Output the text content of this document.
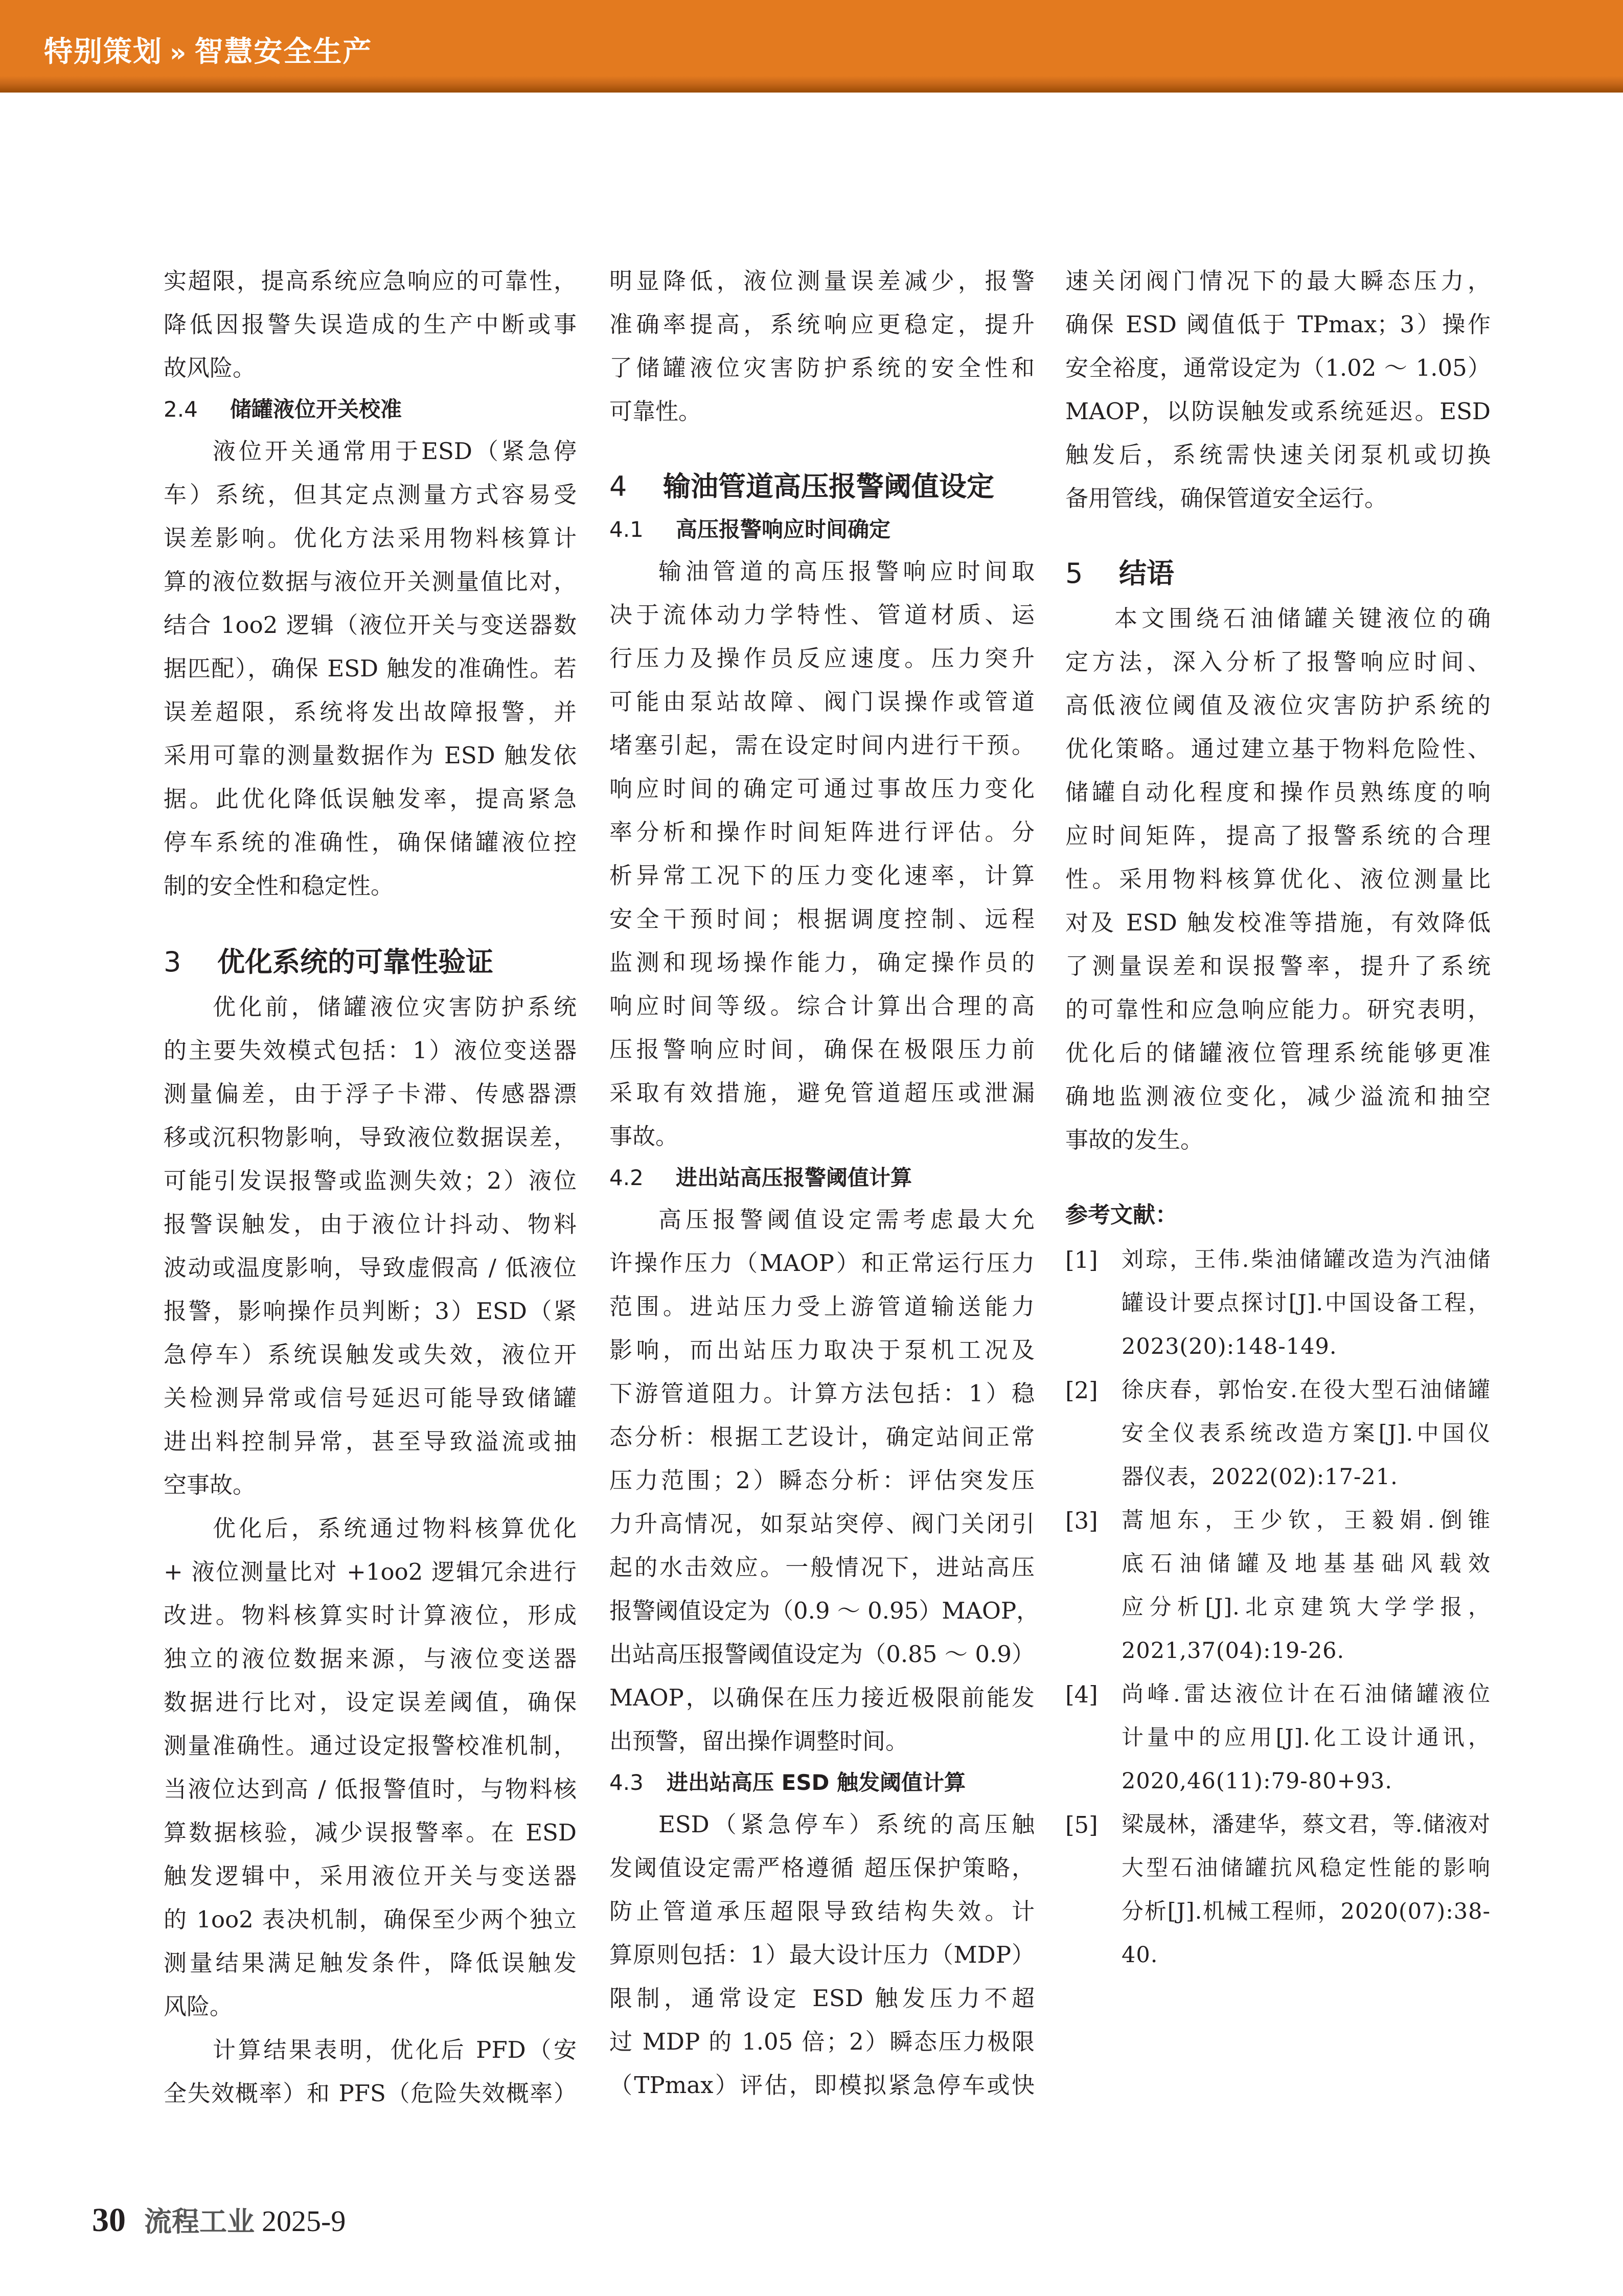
特别策划 » 智慧安全生产
实超限，提高系统应急响应的可靠性，
降低因报警失误造成的生产中断或事
故风险。
2.4 储罐液位开关校准
液位开关通常用于ESD（紧急停
车）系统，但其定点测量方式容易受
误差影响。优化方法采用物料核算计
算的液位数据与液位开关测量值比对，
结合 1oo2 逻辑（液位开关与变送器数
据匹配），确保 ESD 触发的准确性。若
误差超限，系统将发出故障报警，并
采用可靠的测量数据作为 ESD 触发依
据。此优化降低误触发率，提高紧急
停车系统的准确性，确保储罐液位控
制的安全性和稳定性。
3 优化系统的可靠性验证
优化前，储罐液位灾害防护系统
的主要失效模式包括：1）液位变送器
测量偏差，由于浮子卡滞、传感器漂
移或沉积物影响，导致液位数据误差，
可能引发误报警或监测失效；2）液位
报警误触发，由于液位计抖动、物料
波动或温度影响，导致虚假高 / 低液位
报警，影响操作员判断；3）ESD（紧
急停车）系统误触发或失效，液位开
关检测异常或信号延迟可能导致储罐
进出料控制异常，甚至导致溢流或抽
空事故。
优化后，系统通过物料核算优化
+ 液位测量比对 +1oo2 逻辑冗余进行
改进。物料核算实时计算液位，形成
独立的液位数据来源，与液位变送器
数据进行比对，设定误差阈值，确保
测量准确性。通过设定报警校准机制，
当液位达到高 / 低报警值时，与物料核
算数据核验，减少误报警率。在 ESD
触发逻辑中，采用液位开关与变送器
的 1oo2 表决机制，确保至少两个独立
测量结果满足触发条件，降低误触发
风险。
计算结果表明，优化后 PFD（安
全失效概率）和 PFS（危险失效概率）
明显降低，液位测量误差减少，报警
准确率提高，系统响应更稳定，提升
了储罐液位灾害防护系统的安全性和
可靠性。
4 输油管道高压报警阈值设定
4.1 高压报警响应时间确定
输油管道的高压报警响应时间取
决于流体动力学特性、管道材质、运
行压力及操作员反应速度。压力突升
可能由泵站故障、阀门误操作或管道
堵塞引起，需在设定时间内进行干预。
响应时间的确定可通过事故压力变化
率分析和操作时间矩阵进行评估。分
析异常工况下的压力变化速率，计算
安全干预时间；根据调度控制、远程
监测和现场操作能力，确定操作员的
响应时间等级。综合计算出合理的高
压报警响应时间，确保在极限压力前
采取有效措施，避免管道超压或泄漏
事故。
4.2 进出站高压报警阈值计算
高压报警阈值设定需考虑最大允
许操作压力（MAOP）和正常运行压力
范围。进站压力受上游管道输送能力
影响，而出站压力取决于泵机工况及
下游管道阻力。计算方法包括：1）稳
态分析：根据工艺设计，确定站间正常
压力范围；2）瞬态分析：评估突发压
力升高情况，如泵站突停、阀门关闭引
起的水击效应。一般情况下，进站高压
报警阈值设定为（0.9 ～ 0.95）MAOP，
出站高压报警阈值设定为（0.85 ～ 0.9）
MAOP，以确保在压力接近极限前能发
出预警，留出操作调整时间。
4.3 进出站高压 ESD 触发阈值计算
ESD（紧急停车）系统的高压触
发阈值设定需严格遵循 超压保护策略，
防止管道承压超限导致结构失效。计
算原则包括：1）最大设计压力（MDP）
限制，通常设定 ESD 触发压力不超
过 MDP 的 1.05 倍；2）瞬态压力极限
（TPmax）评估，即模拟紧急停车或快
速关闭阀门情况下的最大瞬态压力，
确保 ESD 阈值低于 TPmax；3）操作
安全裕度，通常设定为（1.02 ～ 1.05）
MAOP，以防误触发或系统延迟。ESD
触发后，系统需快速关闭泵机或切换
备用管线，确保管道安全运行。
5 结语
本文围绕石油储罐关键液位的确
定方法，深入分析了报警响应时间、
高低液位阈值及液位灾害防护系统的
优化策略。通过建立基于物料危险性、
储罐自动化程度和操作员熟练度的响
应时间矩阵，提高了报警系统的合理
性。采用物料核算优化、液位测量比
对及 ESD 触发校准等措施，有效降低
了测量误差和误报警率，提升了系统
的可靠性和应急响应能力。研究表明，
优化后的储罐液位管理系统能够更准
确地监测液位变化，减少溢流和抽空
事故的发生。
参考文献：
[1] 刘琮，王伟.柴油储罐改造为汽油储
罐设计要点探讨[J].中国设备工程，
2023(20):148-149.
[2] 徐庆春，郭怡安.在役大型石油储罐
安全仪表系统改造方案[J].中国仪
器仪表，2022(02):17-21.
[3] 蒿旭东，王少钦，王毅娟.倒锥
底石油储罐及地基基础风载效
应分析[J].北京建筑大学学报，
2021,37(04):19-26.
[4] 尚峰.雷达液位计在石油储罐液位
计量中的应用[J].化工设计通讯，
2020,46(11):79-80+93.
[5] 梁晟林，潘建华，蔡文君，等.储液对
大型石油储罐抗风稳定性能的影响
分析[J].机械工程师，2020(07):38-
40.
30 流程工业 2025-9
